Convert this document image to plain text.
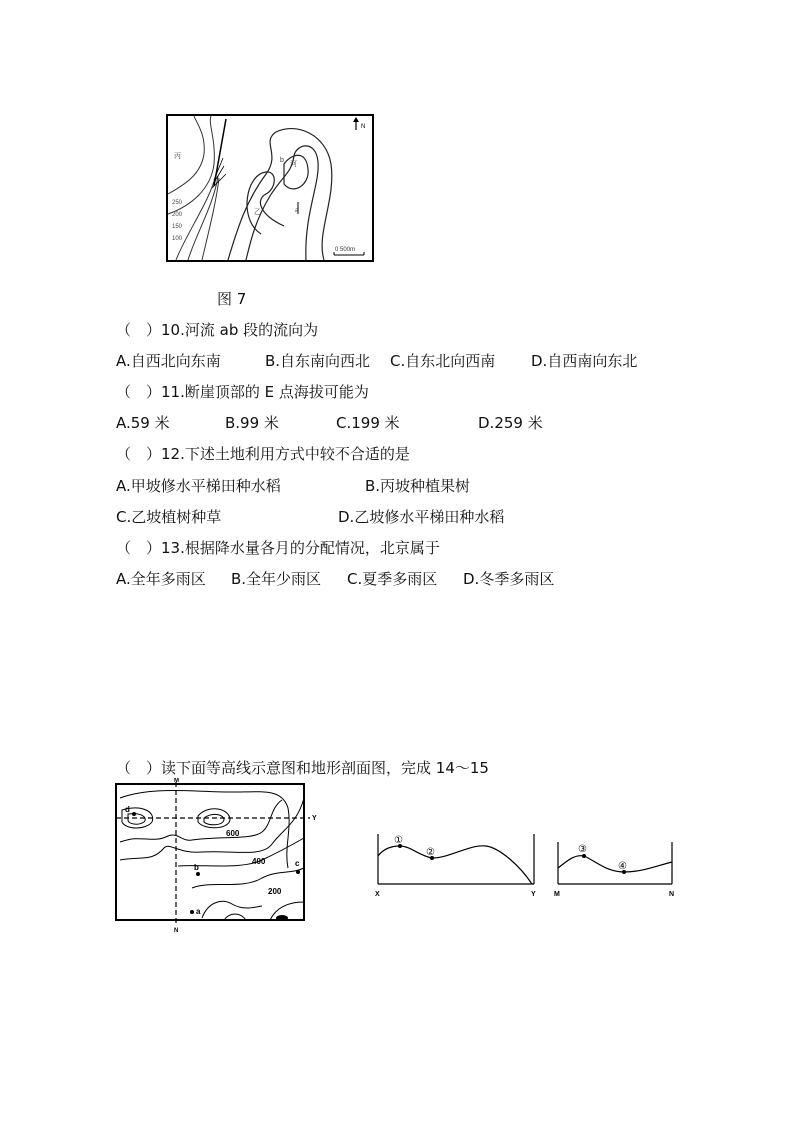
N
0 500m
丙
b
河
a
乙
250
200
150
100
图 7
（　）10.河流 ab 段的流向为
A.自西北向东南	B.自东南向西北 C.自东北向西南 D.自西南向东北
（　）11.断崖顶部的 E 点海拔可能为
A.59 米	B.99 米	C.199 米	D.259 米
（　）12.下述土地利用方式中较不合适的是
A.甲坡修水平梯田种水稻	B.丙坡种植果树
C.乙坡植树种草	D.乙坡修水平梯田种水稻
（　）13.根据降水量各月的分配情况，北京属于
A.全年多雨区 B.全年少雨区 C.夏季多雨区 D.冬季多雨区
（　）读下面等高线示意图和地形剖面图，完成 14～15
M
N
Y
d
b	c
a
600
400
200
①
②
X	Y
③
④
M	N
